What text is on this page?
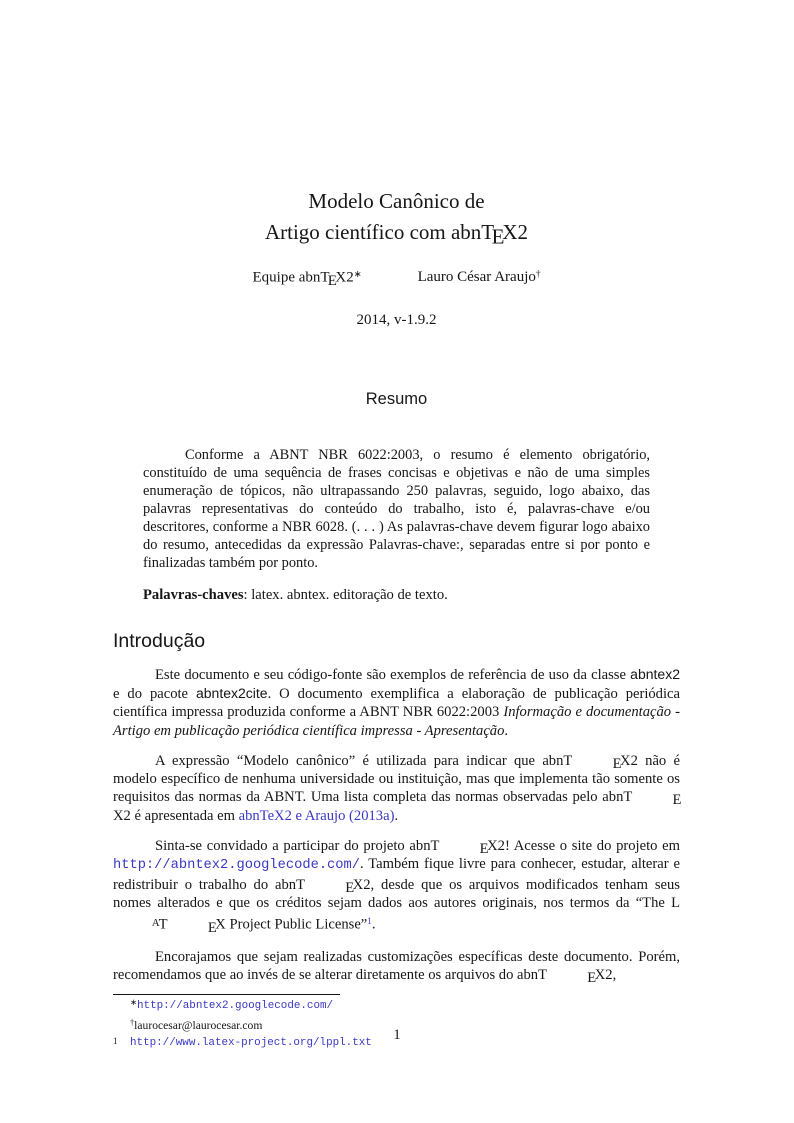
Modelo Canônico de
Artigo científico com abnTEX2
Equipe abnTEX2∗	Lauro César Araujo†
2014, v-1.9.2
Resumo

Conforme a ABNT NBR 6022:2003, o resumo é elemento obrigatório, constituído de uma sequência de frases concisas e objetivas e não de uma simples enumeração de tópicos, não ultrapassando 250 palavras, seguido, logo abaixo, das palavras representativas do conteúdo do trabalho, isto é, palavras-chave e/ou descritores, conforme a NBR 6028. (. . . ) As palavras-chave devem figurar logo abaixo do resumo, antecedidas da expressão Palavras-chave:, separadas entre si por ponto e finalizadas também por ponto.

Palavras-chaves: latex. abntex. editoração de texto.

Introdução

Este documento e seu código-fonte são exemplos de referência de uso da classe abntex2 e do pacote abntex2cite. O documento exemplifica a elaboração de publicação periódica científica impressa produzida conforme a ABNT NBR 6022:2003 Informação e documentação - Artigo em publicação periódica científica impressa - Apresentação.

A expressão “Modelo canônico” é utilizada para indicar que abnT	EX2 não é modelo específico de nenhuma universidade ou instituição, mas que implementa tão somente os requisitos das normas da ABNT. Uma lista completa das normas observadas pelo abnT	EX2 é apresentada em abnTeX2 e Araujo (2013a).

Sinta-se convidado a participar do projeto abnT	EX2! Acesse o site do projeto em http://abntex2.googlecode.com/. Também fique livre para conhecer, estudar, alterar e redistribuir o trabalho do abnT	EX2, desde que os arquivos modificados tenham seus nomes alterados e que os créditos sejam dados aos autores originais, nos termos da “The LAT	EX Project Public License”$^1$.

Encorajamos que sejam realizadas customizações específicas deste documento. Porém, recomendamos que ao invés de se alterar diretamente os arquivos do abnT	EX2,

∗http://abntex2.googlecode.com/
†laurocesar@laurocesar.com
1 http://www.latex-project.org/lppl.txt	1
